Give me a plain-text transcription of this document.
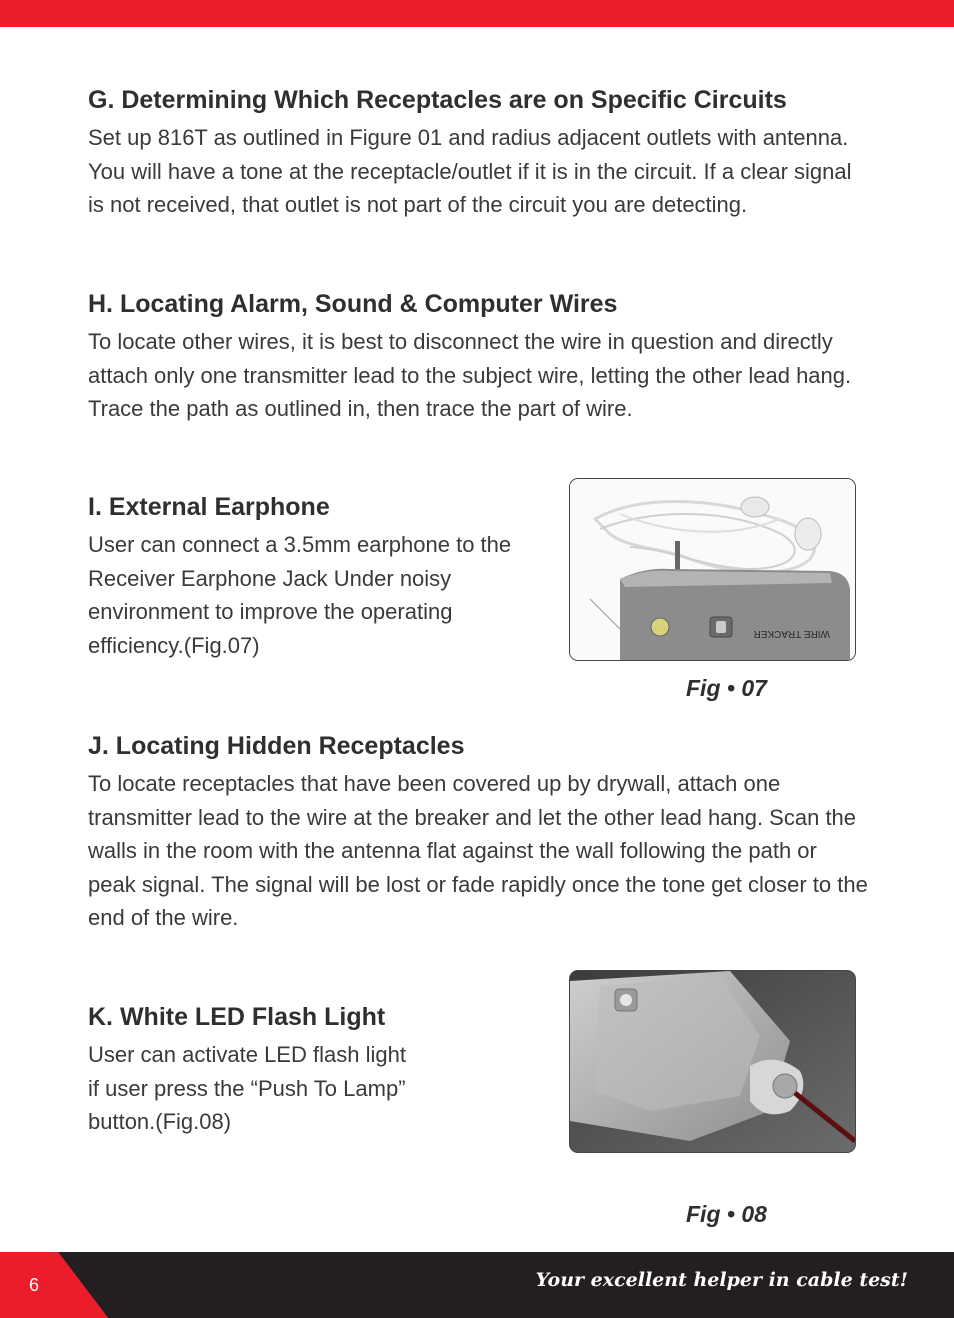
G. Determining Which Receptacles are on Specific Circuits

Set up 816T as outlined in Figure 01 and radius adjacent outlets with antenna. You will have a tone at the receptacle/outlet if it is in the circuit. If a clear signal is not received, that outlet is not part of the circuit you are detecting.

H. Locating Alarm, Sound & Computer Wires

To locate other wires, it is best to disconnect the wire in question and directly attach only one transmitter lead to the subject wire, letting the other lead hang. Trace the path as outlined in, then trace the part of wire.

I. External Earphone

User can connect a 3.5mm earphone to the Receiver Earphone Jack Under noisy environment to improve the operating efficiency.(Fig.07)	WIRE TRACKER
Fig • 07
J. Locating Hidden Receptacles

To locate receptacles that have been covered up by drywall, attach one transmitter lead to the wire at the breaker and let the other lead hang. Scan the walls in the room with the antenna flat against the wall following the path or peak signal. The signal will be lost or fade rapidly once the tone get closer to the end of the wire.

K. White LED Flash Light

User can activate LED flash light
if user press the “Push To Lamp”
button.(Fig.08)

Fig • 08
6	Your excellent helper in cable test!
